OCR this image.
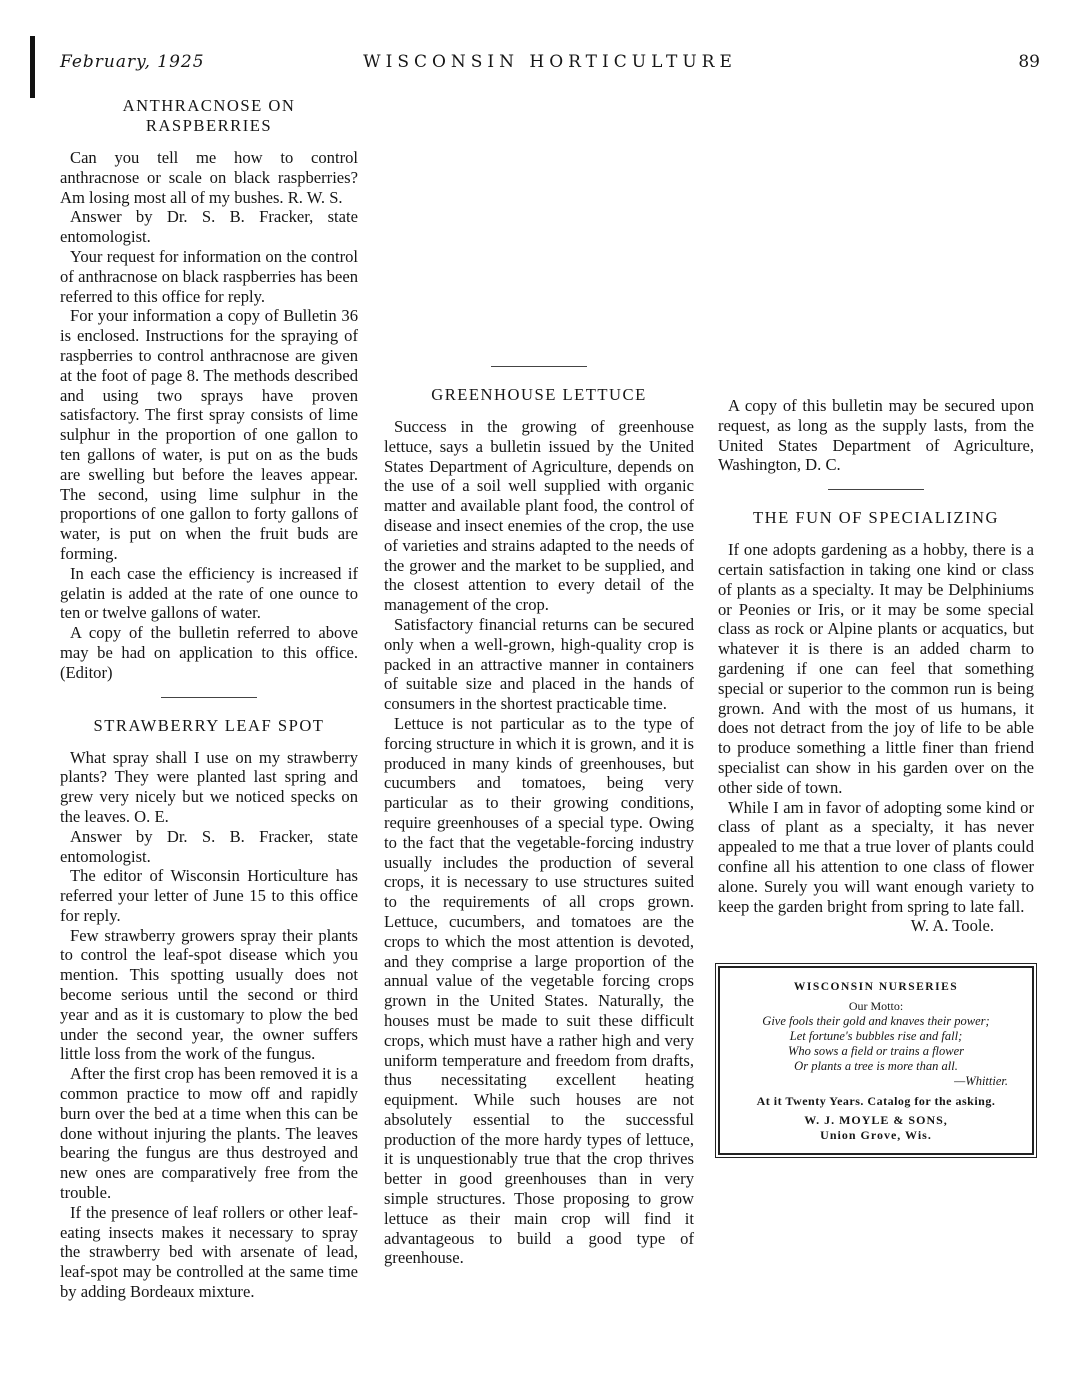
February, 1925	WISCONSIN HORTICULTURE	89
ANTHRACNOSE ON RASPBERRIES

Can you tell me how to control anthracnose or scale on black raspberries? Am losing most all of my bushes. R. W. S.

Answer by Dr. S. B. Fracker, state entomologist.

Your request for information on the control of anthracnose on black raspberries has been referred to this office for reply.

For your information a copy of Bulletin 36 is enclosed. Instructions for the spraying of raspberries to control anthracnose are given at the foot of page 8. The methods described and using two sprays have proven satisfactory. The first spray consists of lime sulphur in the proportion of one gallon to ten gallons of water, is put on as the buds are swelling but before the leaves appear. The second, using lime sulphur in the proportions of one gallon to forty gallons of water, is put on when the fruit buds are forming.

In each case the efficiency is increased if gelatin is added at the rate of one ounce to ten or twelve gallons of water.

A copy of the bulletin referred to above may be had on application to this office. (Editor)

STRAWBERRY LEAF SPOT

What spray shall I use on my strawberry plants? They were planted last spring and grew very nicely but we noticed specks on the leaves. O. E.

Answer by Dr. S. B. Fracker, state entomologist.

The editor of Wisconsin Horticulture has referred your letter of June 15 to this office for reply.

Few strawberry growers spray their plants to control the leaf-spot disease which you mention. This spotting usually does not become serious until the second or third year and as it is customary to plow the bed under the second year, the owner suffers little loss from the work of the fungus.

After the first crop has been removed it is a common practice to mow off and rapidly burn over the bed at a time when this can be done without injuring the plants. The leaves bearing the fungus are thus destroyed and new ones are comparatively free from the trouble.

If the presence of leaf rollers or other leaf-eating insects makes it necessary to spray the strawberry bed with arsenate of lead, leaf-spot may be controlled at the same time by adding Bordeaux mixture.

GREENHOUSE LETTUCE

Success in the growing of greenhouse lettuce, says a bulletin issued by the United States Department of Agriculture, depends on the use of a soil well supplied with organic matter and available plant food, the control of disease and insect enemies of the crop, the use of varieties and strains adapted to the needs of the grower and the market to be supplied, and the closest attention to every detail of the management of the crop.

Satisfactory financial returns can be secured only when a well-grown, high-quality crop is packed in an attractive manner in containers of suitable size and placed in the hands of consumers in the shortest practicable time.

Lettuce is not particular as to the type of forcing structure in which it is grown, and it is produced in many kinds of greenhouses, but cucumbers and tomatoes, being very particular as to their growing conditions, require greenhouses of a special type. Owing to the fact that the vegetable-forcing industry usually includes the production of several crops, it is necessary to use structures suited to the requirements of all crops grown. Lettuce, cucumbers, and tomatoes are the crops to which the most attention is devoted, and they comprise a large proportion of the annual value of the vegetable forcing crops grown in the United States. Naturally, the houses must be made to suit these difficult crops, which must have a rather high and very uniform temperature and freedom from drafts, thus necessitating excellent heating equipment. While such houses are not absolutely essential to the successful production of the more hardy types of lettuce, it is unquestionably true that the crop thrives better in good greenhouses than in very simple structures. Those proposing to grow lettuce as their main crop will find it advantageous to build a good type of greenhouse.

A copy of this bulletin may be secured upon request, as long as the supply lasts, from the United States Department of Agriculture, Washington, D. C.

THE FUN OF SPECIALIZING

If one adopts gardening as a hobby, there is a certain satisfaction in taking one kind or class of plants as a specialty. It may be Delphiniums or Peonies or Iris, or it may be some special class as rock or Alpine plants or acquatics, but whatever it is there is an added charm to gardening if one can feel that something special or superior to the common run is being grown. And with the most of us humans, it does not detract from the joy of life to be able to produce something a little finer than friend specialist can show in his garden over on the other side of town.

While I am in favor of adopting some kind or class of plant as a specialty, it has never appealed to me that a true lover of plants could confine all his attention to one class of flower alone. Surely you will want enough variety to keep the garden bright from spring to late fall.

W. A. Toole.

WISCONSIN NURSERIES
Our Motto:
Give fools their gold and knaves their power;
Let fortune's bubbles rise and fall;
Who sows a field or trains a flower
Or plants a tree is more than all.
—Whittier.
At it Twenty Years. Catalog for the asking.
W. J. MOYLE & SONS,
Union Grove, Wis.
